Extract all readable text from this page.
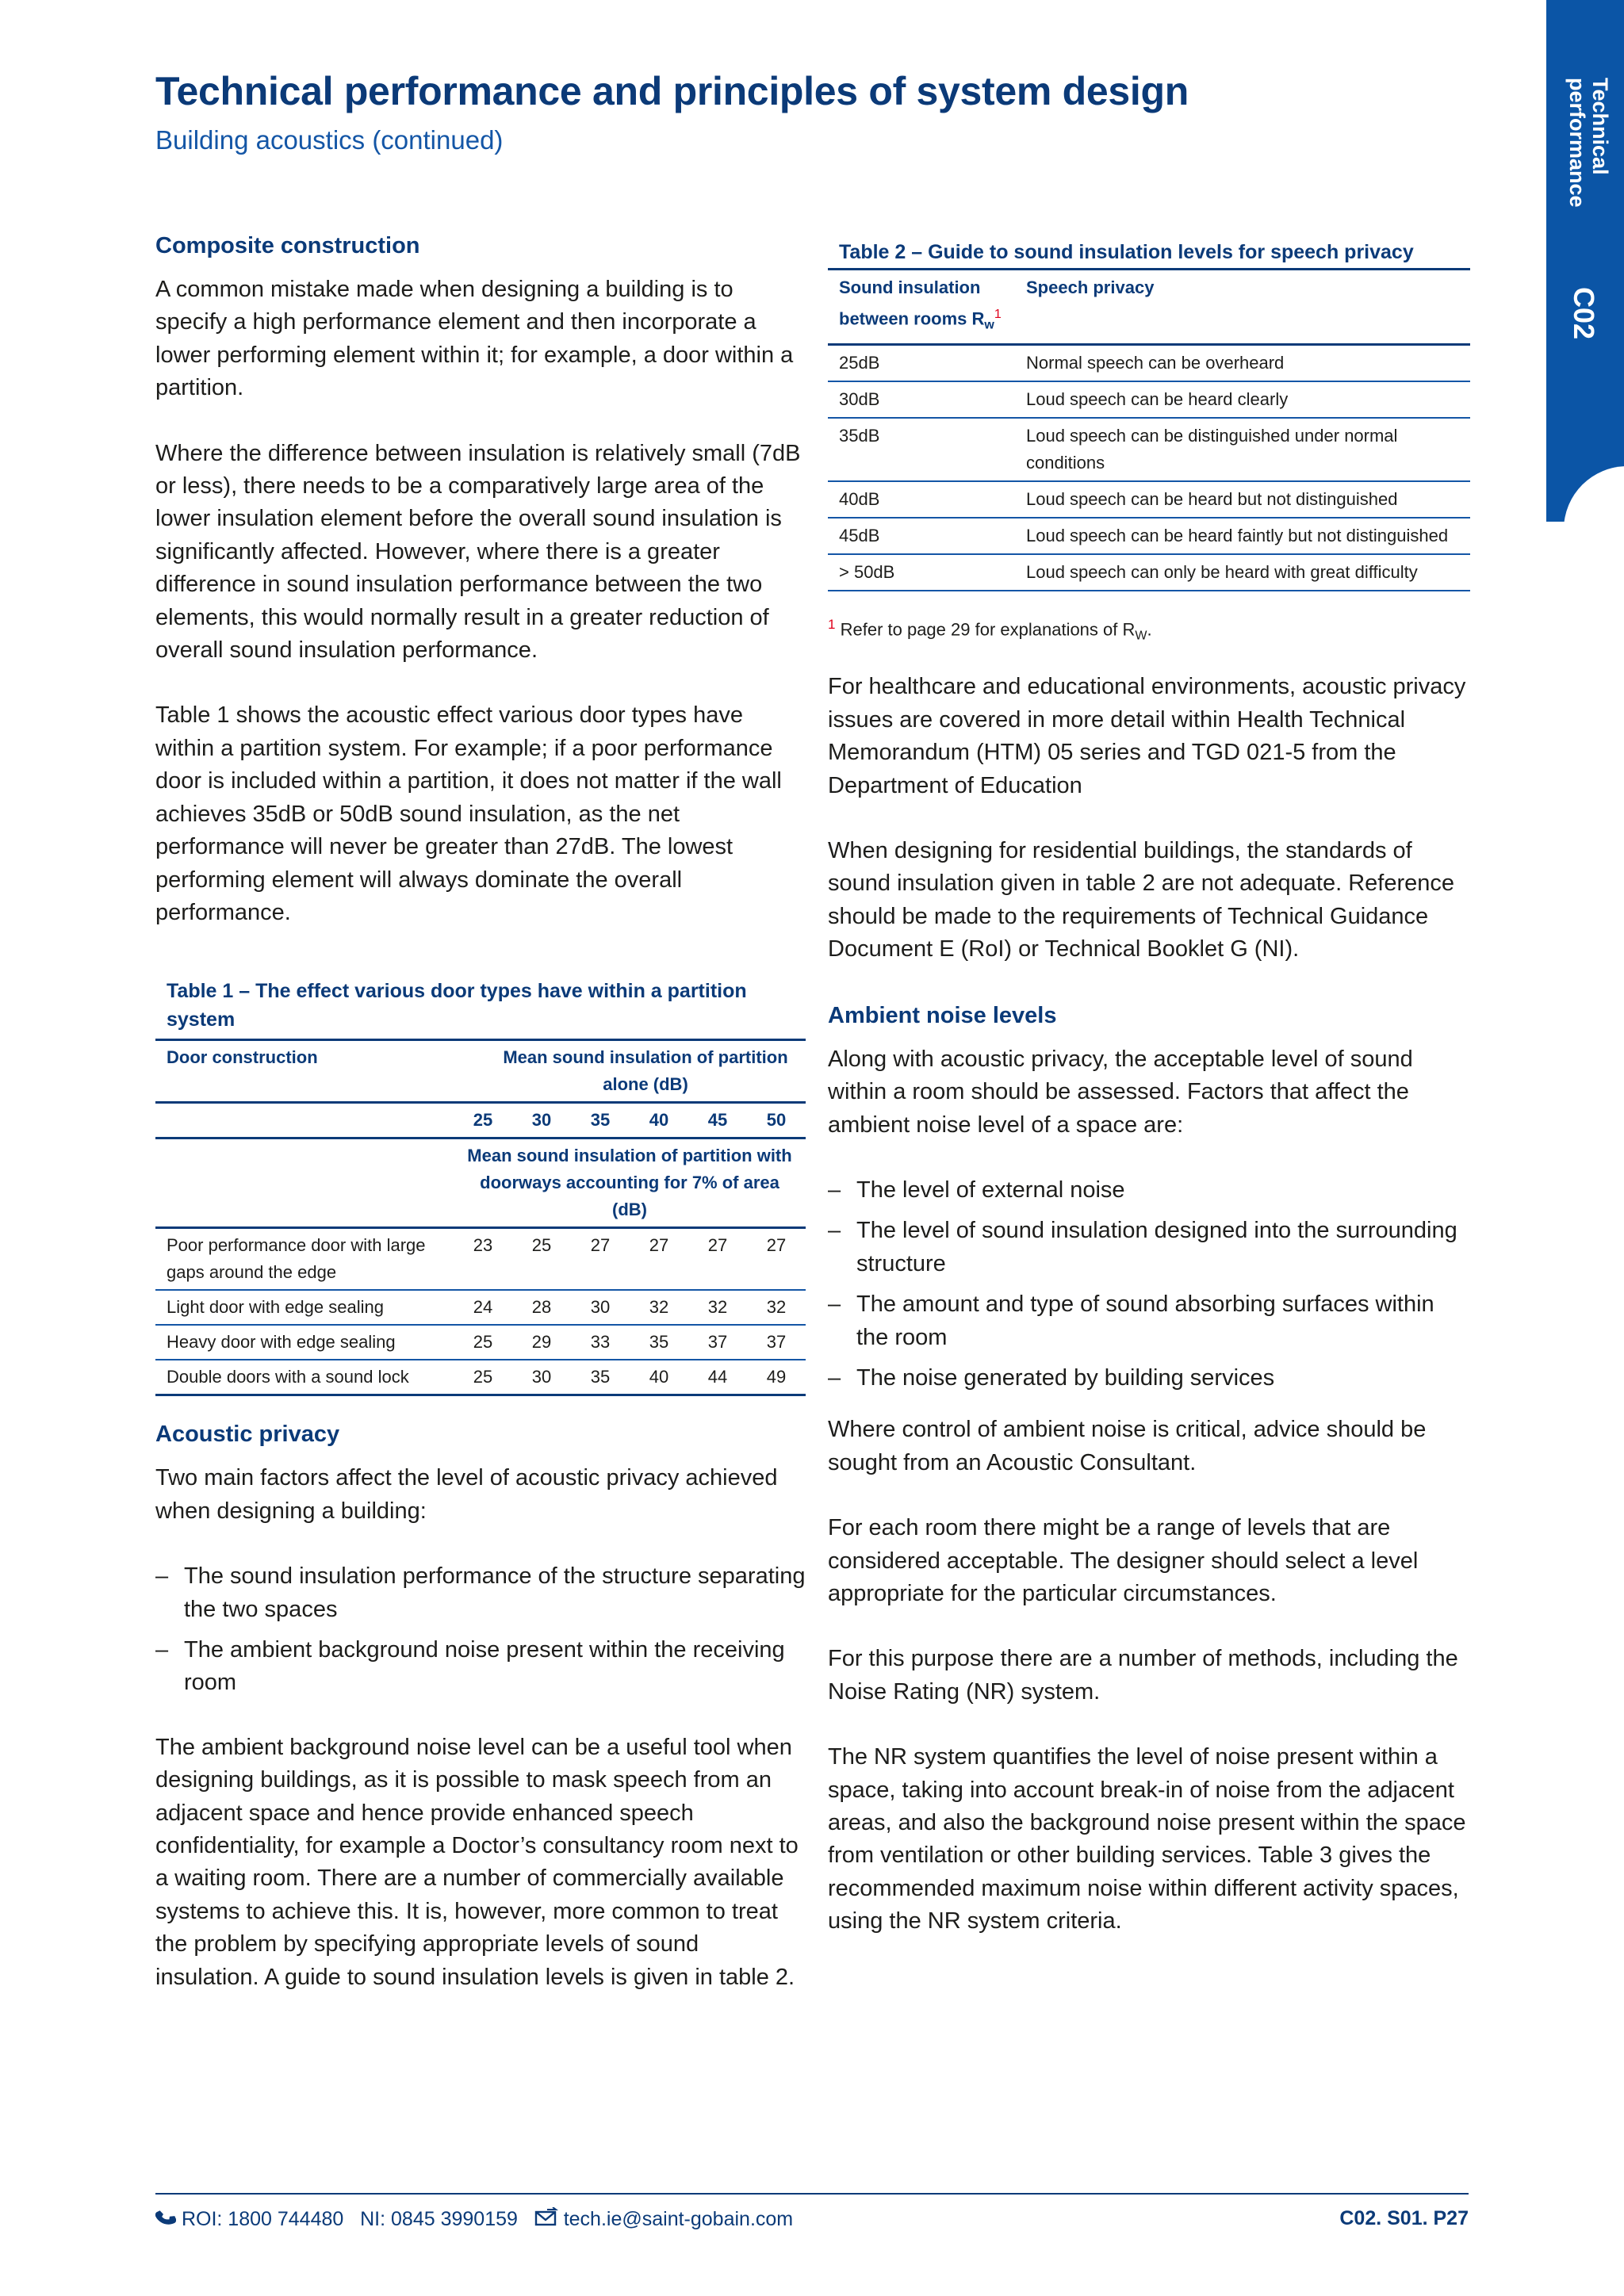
Technical performance and principles of system design
Building acoustics (continued)	Technical
performance
C02
Composite construction

A common mistake made when designing a building is to specify a high performance element and then incorporate a lower performing element within it; for example, a door within a partition.

Where the difference between insulation is relatively small (7dB or less), there needs to be a comparatively large area of the lower insulation element before the overall sound insulation is significantly affected. However, where there is a greater difference in sound insulation performance between the two elements, this would normally result in a greater reduction of overall sound insulation performance.

Table 1 shows the acoustic effect various door types have within a partition system. For example; if a poor performance door is included within a partition, it does not matter if the wall achieves 35dB or 50dB sound insulation, as the net performance will never be greater than 27dB. The lowest performing element will always dominate the overall performance.

Table 1 – The effect various door types have within a partition system
Door construction	Mean sound insulation of partition alone (dB)					
	25	30	35	40	45	50
	Mean sound insulation of partition with doorways accounting for 7% of area (dB)					
Poor performance door with large gaps around the edge	23	25	27	27	27	27
Light door with edge sealing	24	28	30	32	32	32
Heavy door with edge sealing	25	29	33	35	37	37
Double doors with a sound lock	25	30	35	40	44	49
Acoustic privacy

Two main factors affect the level of acoustic privacy achieved when designing a building:

– The sound insulation performance of the structure separating the two spaces
– The ambient background noise present within the receiving room

The ambient background noise level can be a useful tool when designing buildings, as it is possible to mask speech from an adjacent space and hence provide enhanced speech confidentiality, for example a Doctor’s consultancy room next to a waiting room. There are a number of commercially available systems to achieve this. It is, however, more common to treat the problem by specifying appropriate levels of sound insulation. A guide to sound insulation levels is given in table 2.

Table 2 – Guide to sound insulation levels for speech privacy
Sound insulation
between rooms $R_w^1$	Speech privacy
25dB	Normal speech can be overheard
30dB	Loud speech can be heard clearly
35dB	Loud speech can be distinguished under normal conditions
40dB	Loud speech can be heard but not distinguished
45dB	Loud speech can be heard faintly but not distinguished
> 50dB	Loud speech can only be heard with great difficulty
$^1$ Refer to page 29 for explanations of $R_W$.

For healthcare and educational environments, acoustic privacy issues are covered in more detail within Health Technical Memorandum (HTM) 05 series and TGD 021-5 from the Department of Education

When designing for residential buildings, the standards of sound insulation given in table 2 are not adequate. Reference should be made to the requirements of Technical Guidance Document E (RoI) or Technical Booklet G (NI).

Ambient noise levels

Along with acoustic privacy, the acceptable level of sound within a room should be assessed. Factors that affect the ambient noise level of a space are:

– The level of external noise
– The level of sound insulation designed into the surrounding structure
– The amount and type of sound absorbing surfaces within the room
– The noise generated by building services

Where control of ambient noise is critical, advice should be sought from an Acoustic Consultant.

For each room there might be a range of levels that are considered acceptable. The designer should select a level appropriate for the particular circumstances.

For this purpose there are a number of methods, including the Noise Rating (NR) system.

The NR system quantifies the level of noise present within a space, taking into account break-in of noise from the adjacent areas, and also the background noise present within the space from ventilation or other building services. Table 3 gives the recommended maximum noise within different activity spaces, using the NR system criteria.

ROI: 1800 744480 NI: 0845 3990159 tech.ie@saint-gobain.com	C02. S01. P27
